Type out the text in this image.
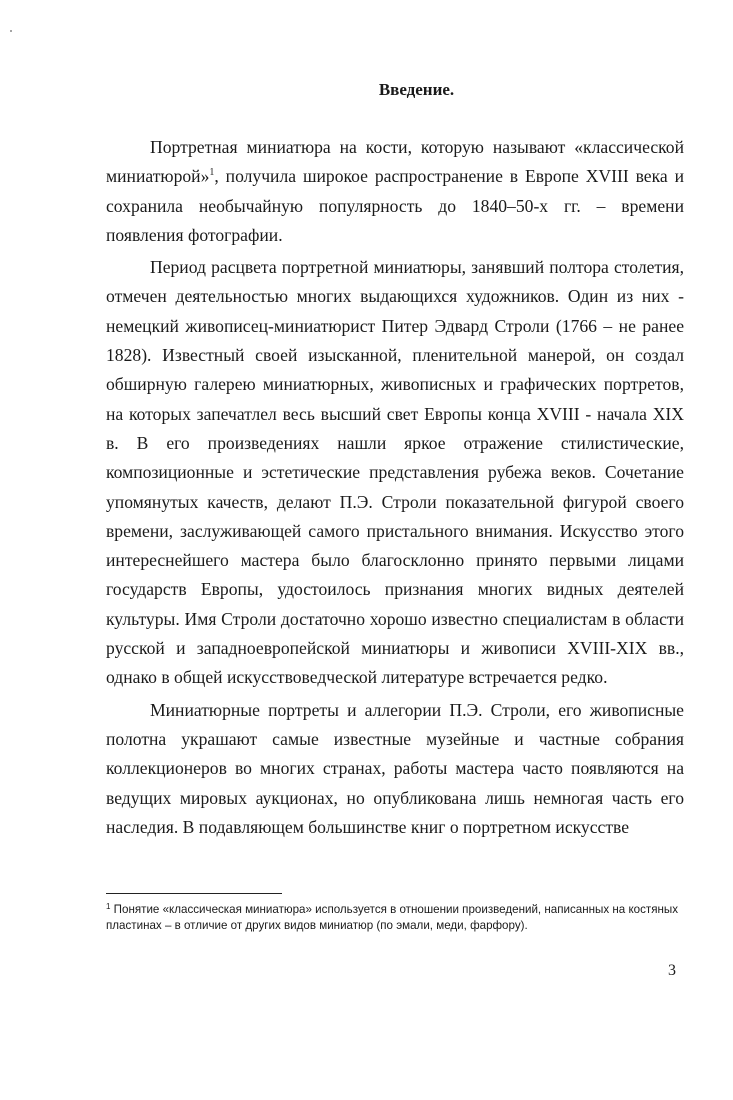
Введение.

Портретная миниатюра на кости, которую называют «классической миниатюрой»$^1$, получила широкое распространение в Европе XVIII века и сохранила необычайную популярность до 1840–50-х гг. – времени появления фотографии.

Период расцвета портретной миниатюры, занявший полтора столетия, отмечен деятельностью многих выдающихся художников. Один из них - немецкий живописец-миниатюрист Питер Эдвард Строли (1766 – не ранее 1828). Известный своей изысканной, пленительной манерой, он создал обширную галерею миниатюрных, живописных и графических портретов, на которых запечатлел весь высший свет Европы конца XVIII - начала XIX в. В его произведениях нашли яркое отражение стилистические, композиционные и эстетические представления рубежа веков. Сочетание упомянутых качеств, делают П.Э. Строли показательной фигурой своего времени, заслуживающей самого пристального внимания. Искусство этого интереснейшего мастера было благосклонно принято первыми лицами государств Европы, удостоилось признания многих видных деятелей культуры. Имя Строли достаточно хорошо известно специалистам в области русской и западноевропейской миниатюры и живописи XVIII-XIX вв., однако в общей искусствоведческой литературе встречается редко.

Миниатюрные портреты и аллегории П.Э. Строли, его живописные полотна украшают самые известные музейные и частные собрания коллекционеров во многих странах, работы мастера часто появляются на ведущих мировых аукционах, но опубликована лишь немногая часть его наследия. В подавляющем большинстве книг о портретном искусстве

$^1$ Понятие «классическая миниатюра» используется в отношении произведений, написанных на костяных пластинах – в отличие от других видов миниатюр (по эмали, меди, фарфору).

3
